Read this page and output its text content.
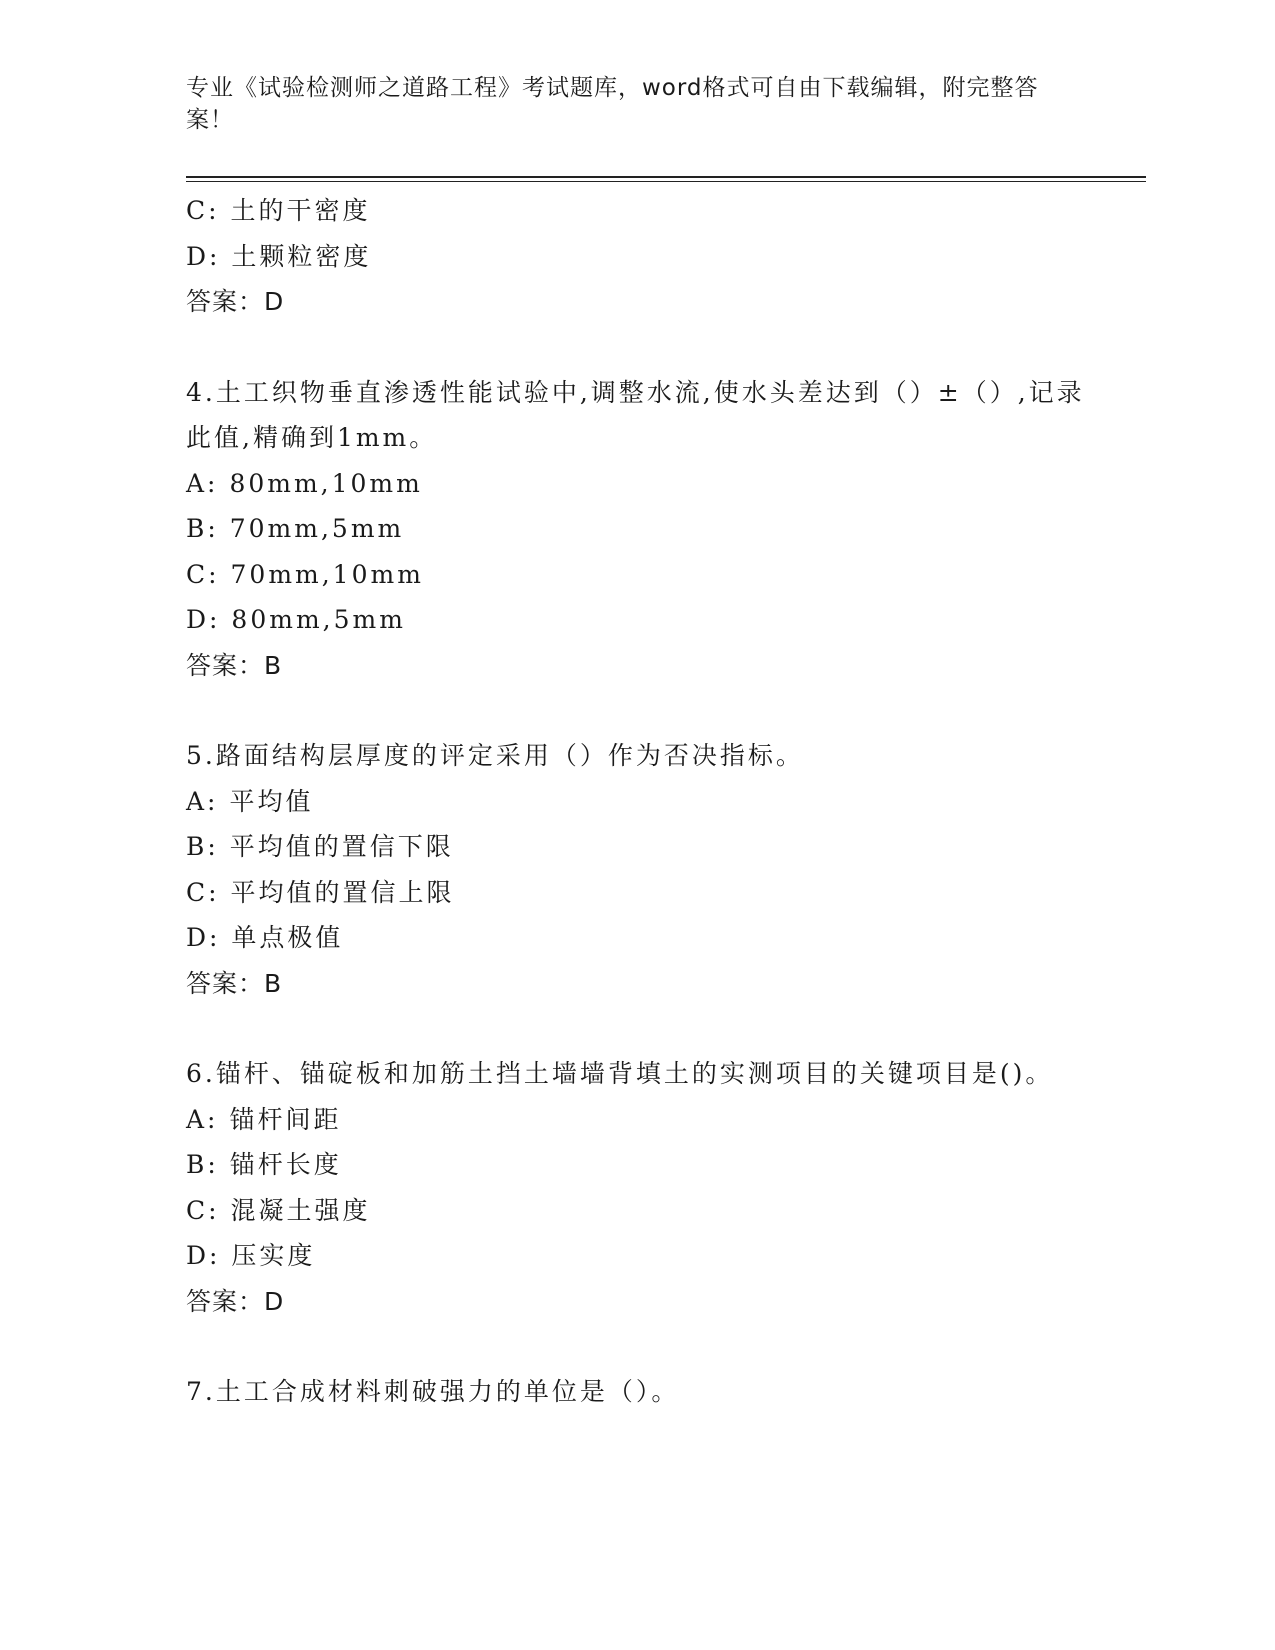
专业《试验检测师之道路工程》考试题库，word格式可自由下载编辑，附完整答案！
C: 土的干密度
D: 土颗粒密度
答案：D
4.土工织物垂直渗透性能试验中,调整水流,使水头差达到（）±（）,记录此值,精确到1mm。
A: 80mm,10mm
B: 70mm,5mm
C: 70mm,10mm
D: 80mm,5mm
答案：B
5.路面结构层厚度的评定采用（）作为否决指标。
A: 平均值
B: 平均值的置信下限
C: 平均值的置信上限
D: 单点极值
答案：B
6.锚杆、锚碇板和加筋土挡土墙墙背填土的实测项目的关键项目是()。
A: 锚杆间距
B: 锚杆长度
C: 混凝土强度
D: 压实度
答案：D
7.土工合成材料刺破强力的单位是（）。
